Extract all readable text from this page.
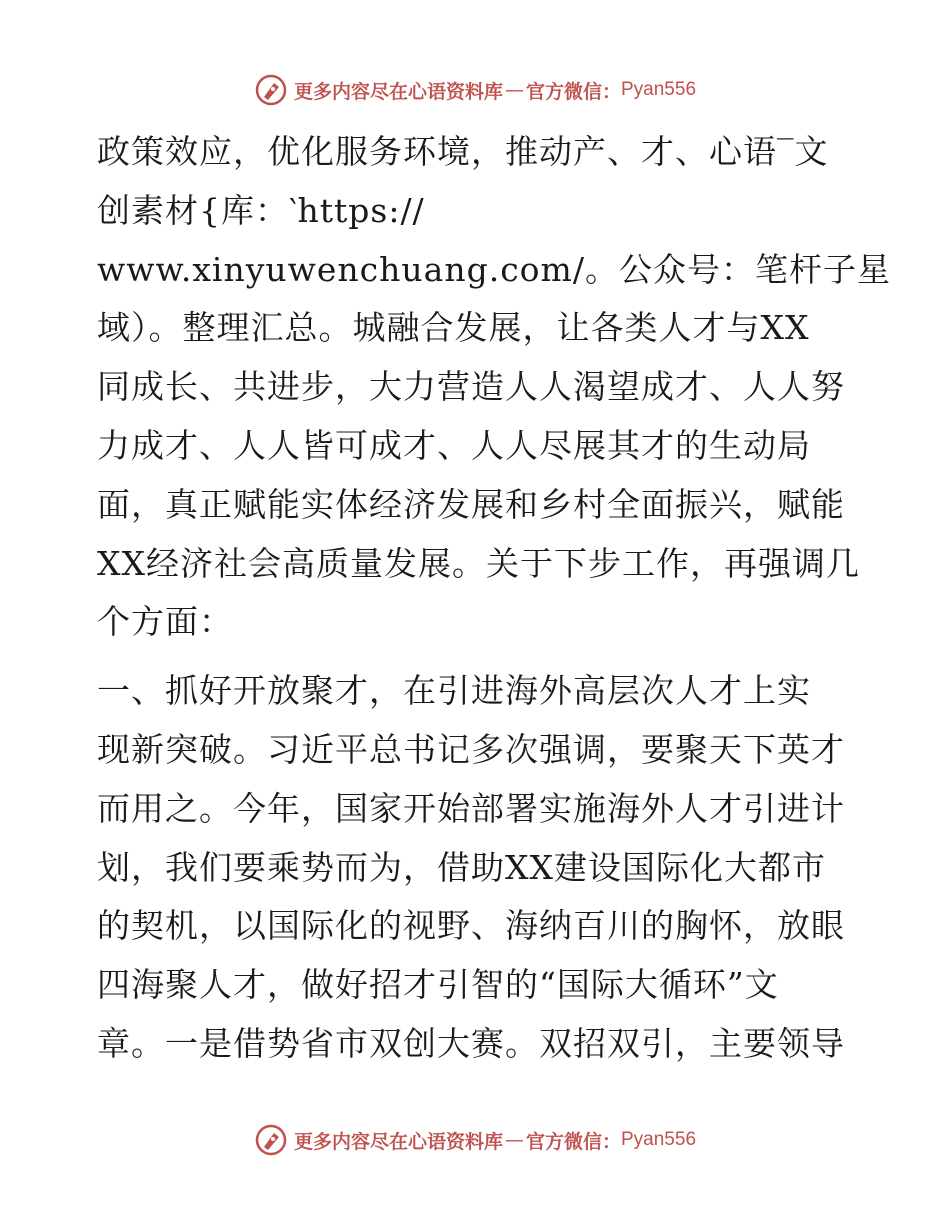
更多内容尽在心语资料库 — 官方微信： Pyan556
政策效应，优化服务环境，推动产、才、心语‾文
创素材{库：‵https://
www.xinyuwenchuang.com/。公众号：笔杆子星
域）。整理汇总。城融合发展，让各类人才与XX
同成长、共进步，大力营造人人渴望成才、人人努
力成才、人人皆可成才、人人尽展其才的生动局
面，真正赋能实体经济发展和乡村全面振兴，赋能
XX经济社会高质量发展。关于下步工作，再强调几
个方面：
一、抓好开放聚才，在引进海外高层次人才上实
现新突破。习近平总书记多次强调，要聚天下英才
而用之。今年，国家开始部署实施海外人才引进计
划，我们要乘势而为，借助XX建设国际化大都市
的契机，以国际化的视野、海纳百川的胸怀，放眼
四海聚人才，做好招才引智的“国际大循环”文
章。一是借势省市双创大赛。双招双引，主要领导
更多内容尽在心语资料库 — 官方微信： Pyan556
